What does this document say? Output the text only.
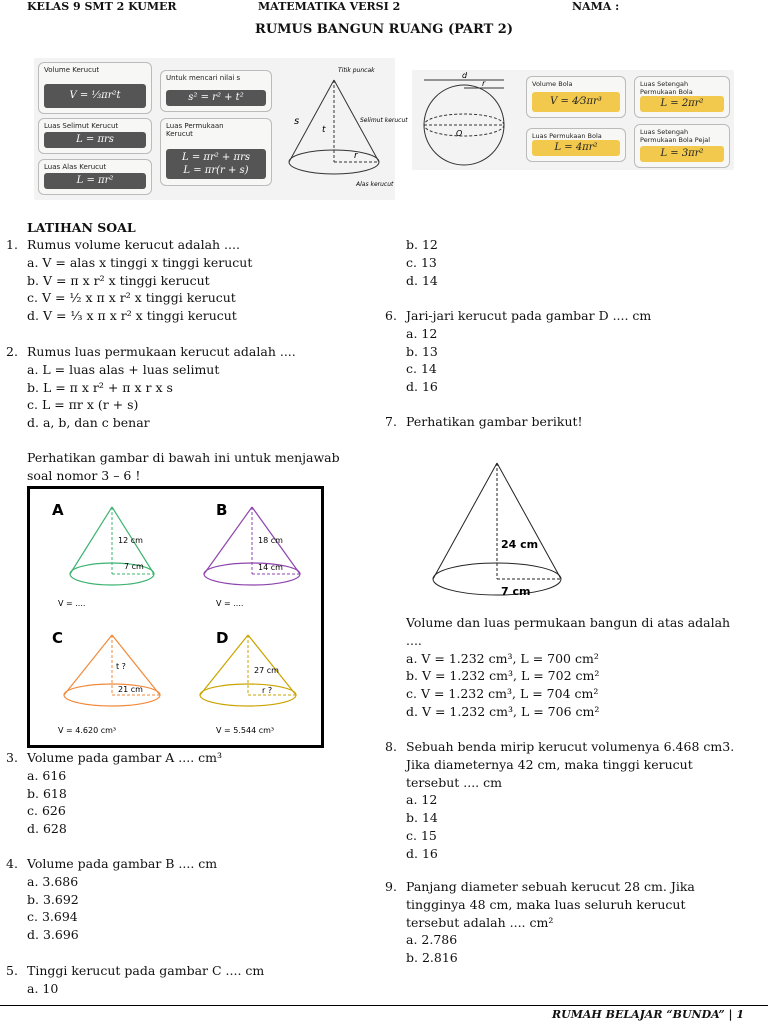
KELAS 9 SMT 2 KUMER	MATEMATIKA VERSI 2	NAMA :
RUMUS BANGUN RUANG (PART 2)
Volume Kerucut
V = ⅓πr²t
Untuk mencari nilai s
s² = r² + t²
Luas Selimut Kerucut
L = πrs
Luas Permukaan Kerucut
L = πr² + πrs
L = πr(r + s)
Luas Alas Kerucut
L = πr²
s
t
r
Titik puncak
Selimut kerucut
Alas kerucut
d
r
O
Volume Bola
V = 4⁄3πr³
Luas Setengah Permukaan Bola
L = 2πr²
Luas Permukaan Bola
L = 4πr²
Luas Setengah Permukaan Bola Pejal
L = 3πr²
LATIHAN SOAL
1. Rumus volume kerucut adalah ....
a. V = alas x tinggi x tinggi kerucut
b. V = π x r² x tinggi kerucut
c. V = ½ x π x r² x tinggi kerucut
d. V = ⅓ x π x r² x tinggi kerucut
2. Rumus luas permukaan kerucut adalah ....
a. L = luas alas + luas selimut
b. L = π x r² + π x r x s
c. L = πr x (r + s)
d. a, b, dan c benar
Perhatikan gambar di bawah ini untuk menjawab
soal nomor 3 – 6 !
A
12 cm
7 cm
V = ....
B
18 cm
14 cm
V = ....
C
t ?
21 cm
V = 4.620 cm³
D
27 cm
r ?
V = 5.544 cm³
3. Volume pada gambar A .... cm³
a. 616
b. 618
c. 626
d. 628
4. Volume pada gambar B .... cm
a. 3.686
b. 3.692
c. 3.694
d. 3.696
5. Tinggi kerucut pada gambar C .... cm
a. 10
b. 12
c. 13
d. 14
6. Jari-jari kerucut pada gambar D .... cm
a. 12
b. 13
c. 14
d. 16
7. Perhatikan gambar berikut!
24 cm
7 cm
Volume dan luas permukaan bangun di atas adalah
....
a. V = 1.232 cm³, L = 700 cm²
b. V = 1.232 cm³, L = 702 cm²
c. V = 1.232 cm³, L = 704 cm²
d. V = 1.232 cm³, L = 706 cm²
8. Sebuah benda mirip kerucut volumenya 6.468 cm3.
Jika diameternya 42 cm, maka tinggi kerucut
tersebut .... cm
a. 12
b. 14
c. 15
d. 16
9. Panjang diameter sebuah kerucut 28 cm. Jika
tingginya 48 cm, maka luas seluruh kerucut
tersebut adalah .... cm²
a. 2.786
b. 2.816
RUMAH BELAJAR “BUNDA” | 1
